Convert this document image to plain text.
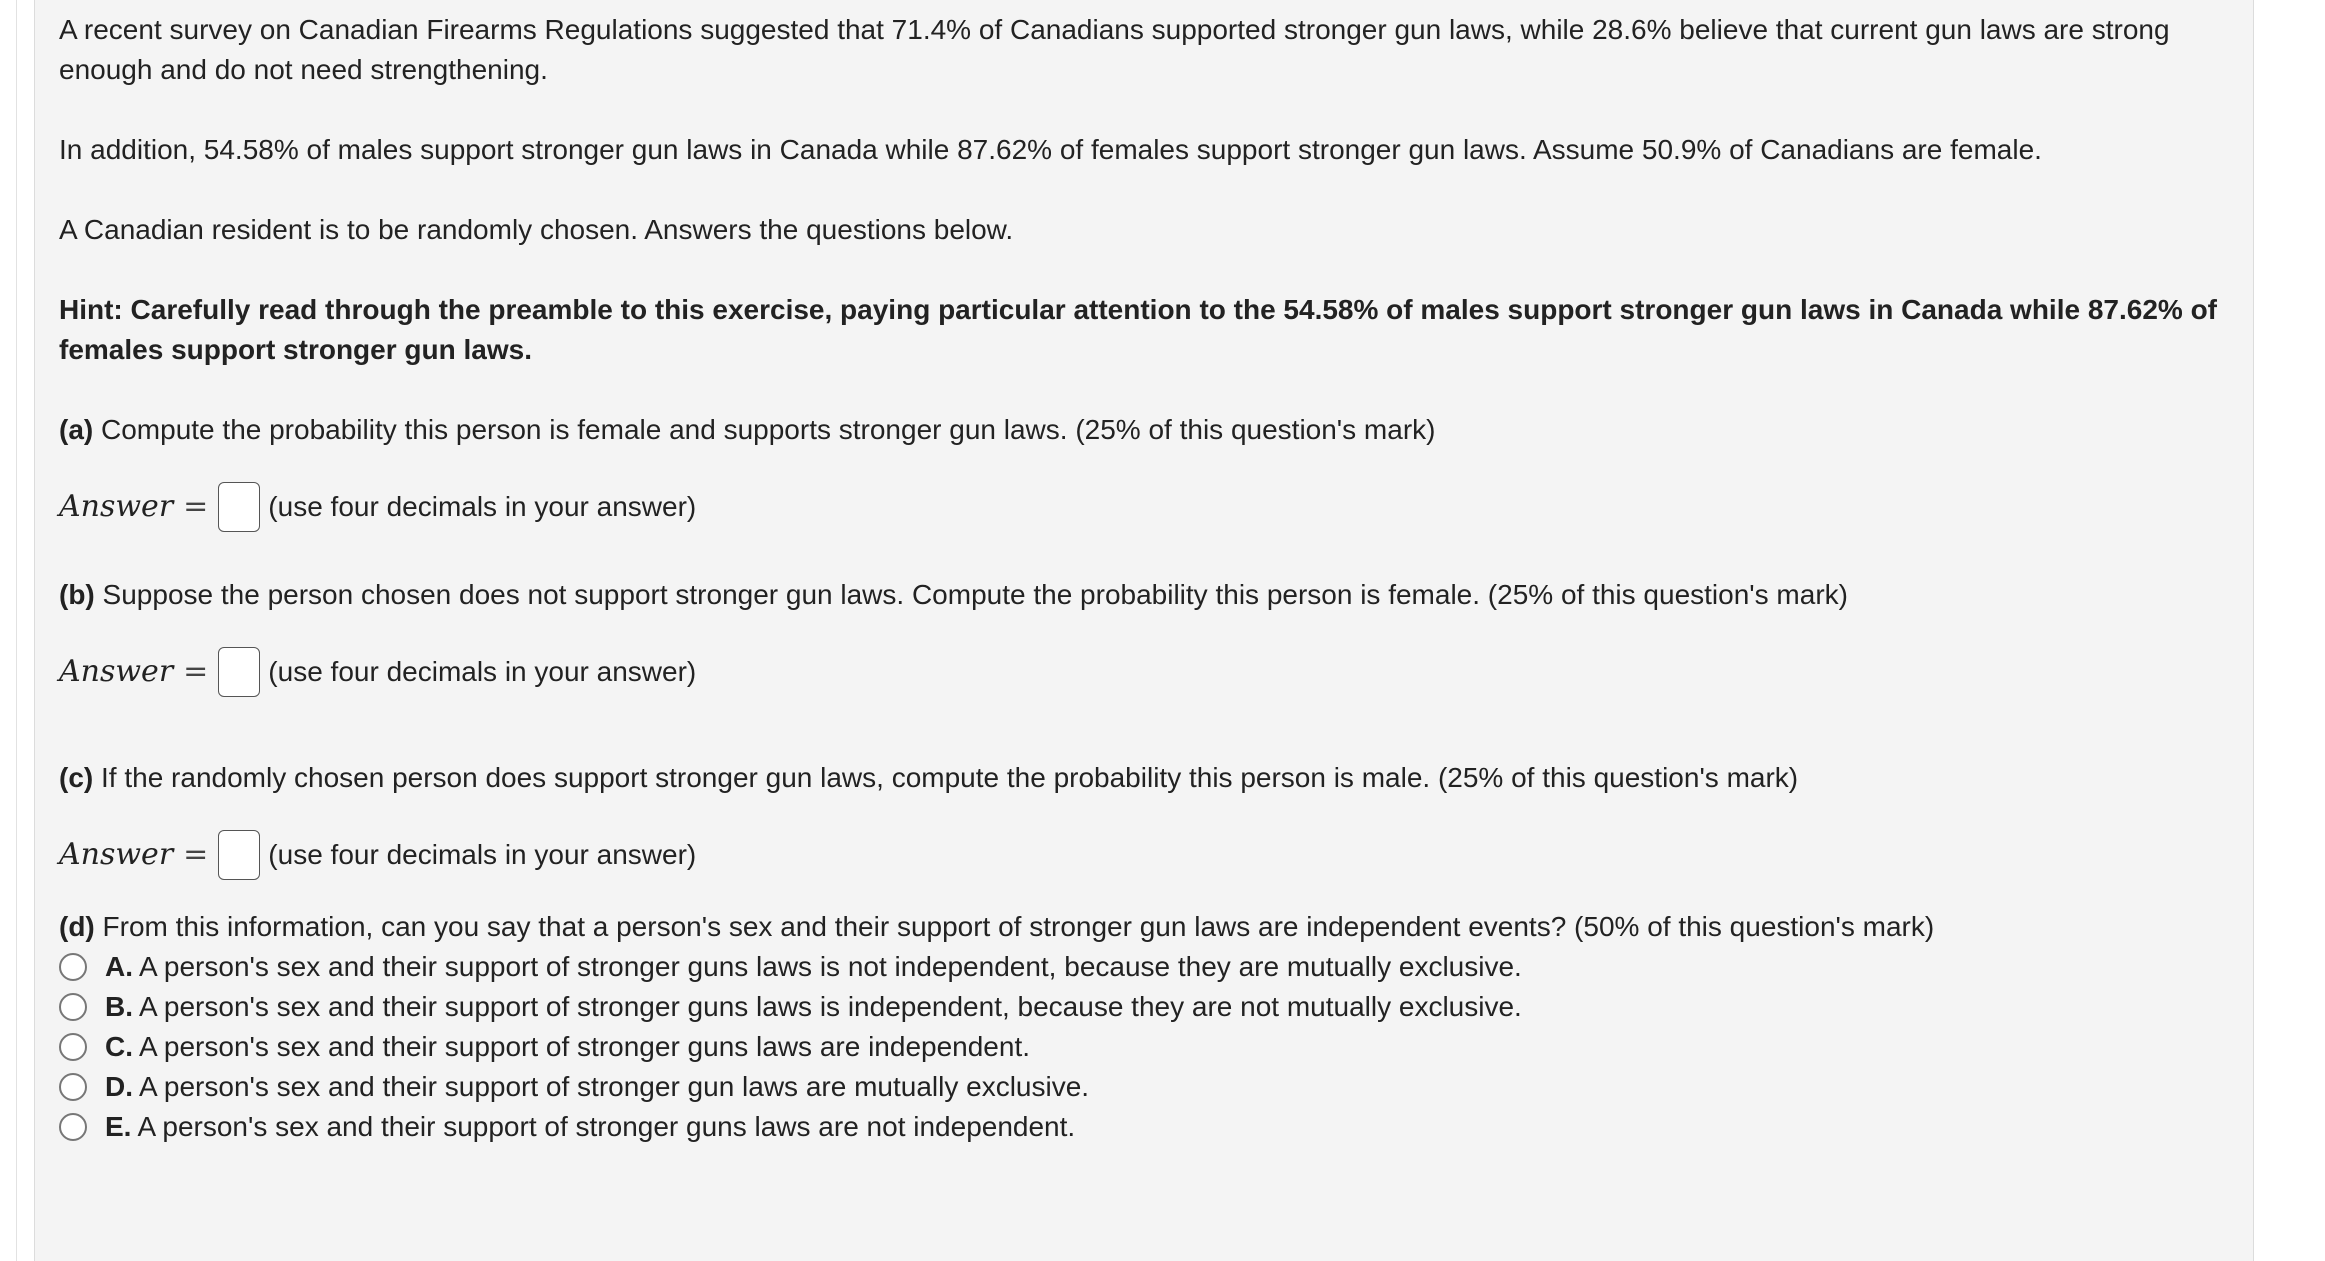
A recent survey on Canadian Firearms Regulations suggested that 71.4% of Canadians supported stronger gun laws, while 28.6% believe that current gun laws are strong enough and do not need strengthening.

In addition, 54.58% of males support stronger gun laws in Canada while 87.62% of females support stronger gun laws. Assume 50.9% of Canadians are female.

A Canadian resident is to be randomly chosen. Answers the questions below.

Hint: Carefully read through the preamble to this exercise, paying particular attention to the 54.58% of males support stronger gun laws in Canada while 87.62% of females support stronger gun laws.

(a) Compute the probability this person is female and supports stronger gun laws. (25% of this question's mark)

Answer = (use four decimals in your answer)

(b) Suppose the person chosen does not support stronger gun laws. Compute the probability this person is female. (25% of this question's mark)

Answer = (use four decimals in your answer)

(c) If the randomly chosen person does support stronger gun laws, compute the probability this person is male. (25% of this question's mark)

Answer = (use four decimals in your answer)

(d) From this information, can you say that a person's sex and their support of stronger gun laws are independent events? (50% of this question's mark)

A. A person's sex and their support of stronger guns laws is not independent, because they are mutually exclusive.
B. A person's sex and their support of stronger guns laws is independent, because they are not mutually exclusive.
C. A person's sex and their support of stronger guns laws are independent.
D. A person's sex and their support of stronger gun laws are mutually exclusive.
E. A person's sex and their support of stronger guns laws are not independent.
